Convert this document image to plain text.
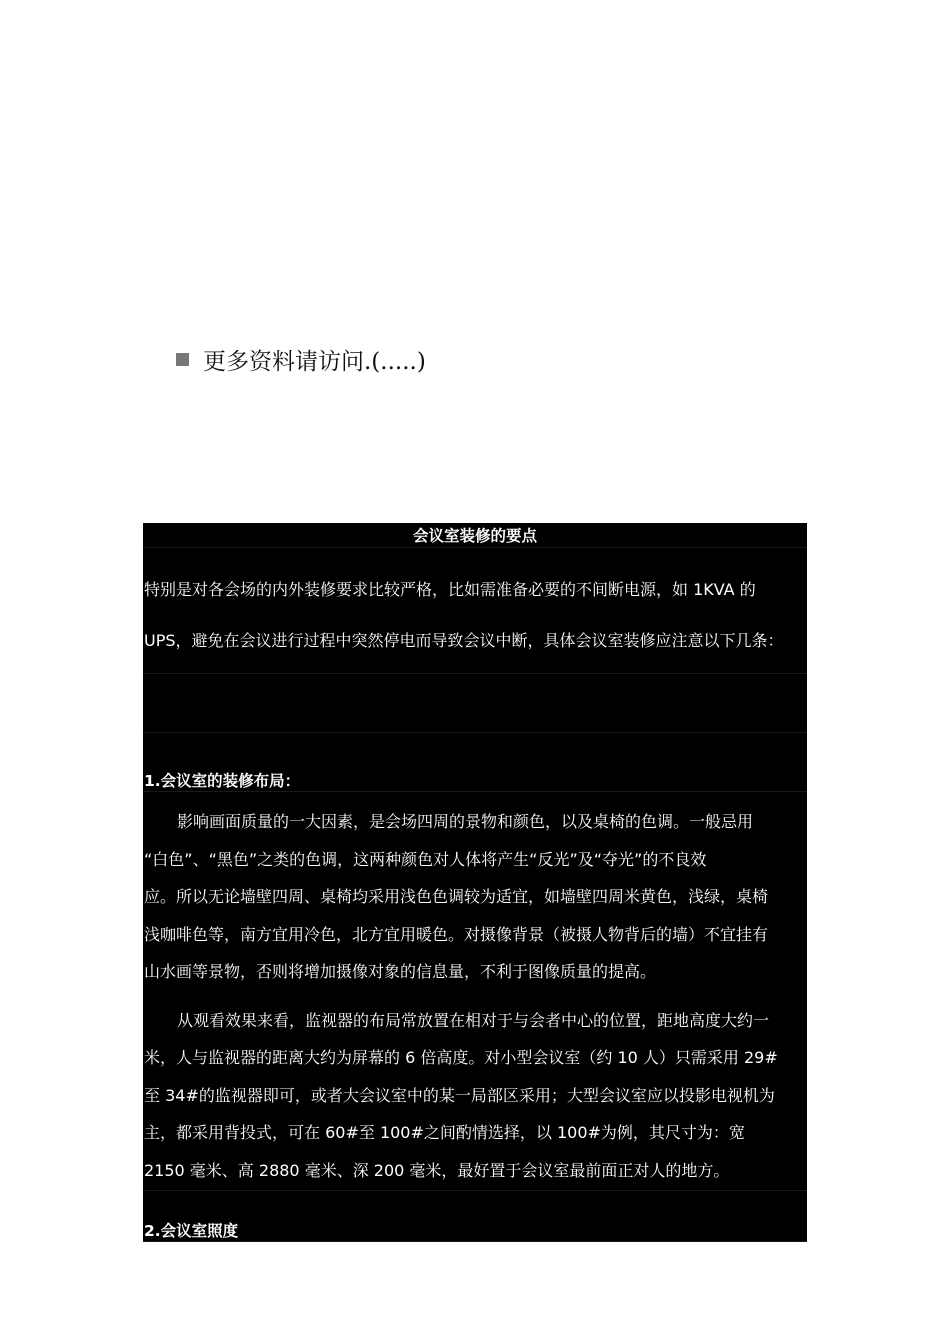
更多资料请访问.(.....)
会议室装修的要点

特别是对各会场的内外装修要求比较严格，比如需准备必要的不间断电源，如 1KVA 的

UPS，避免在会议进行过程中突然停电而导致会议中断，具体会议室装修应注意以下几条：

1.会议室的装修布局：

影响画面质量的一大因素，是会场四周的景物和颜色，以及桌椅的色调。一般忌用
“白色”、“黑色”之类的色调，这两种颜色对人体将产生“反光”及“夺光”的不良效
应。所以无论墙壁四周、桌椅均采用浅色色调较为适宜，如墙壁四周米黄色，浅绿，桌椅
浅咖啡色等，南方宜用冷色，北方宜用暖色。对摄像背景（被摄人物背后的墙）不宜挂有
山水画等景物，否则将增加摄像对象的信息量，不利于图像质量的提高。

从观看效果来看，监视器的布局常放置在相对于与会者中心的位置，距地高度大约一
米，人与监视器的距离大约为屏幕的 6 倍高度。对小型会议室（约 10 人）只需采用 29#
至 34#的监视器即可，或者大会议室中的某一局部区采用；大型会议室应以投影电视机为
主，都采用背投式，可在 60#至 100#之间酌情选择，以 100#为例，其尺寸为：宽
2150 毫米、高 2880 毫米、深 200 毫米，最好置于会议室最前面正对人的地方。

2.会议室照度
